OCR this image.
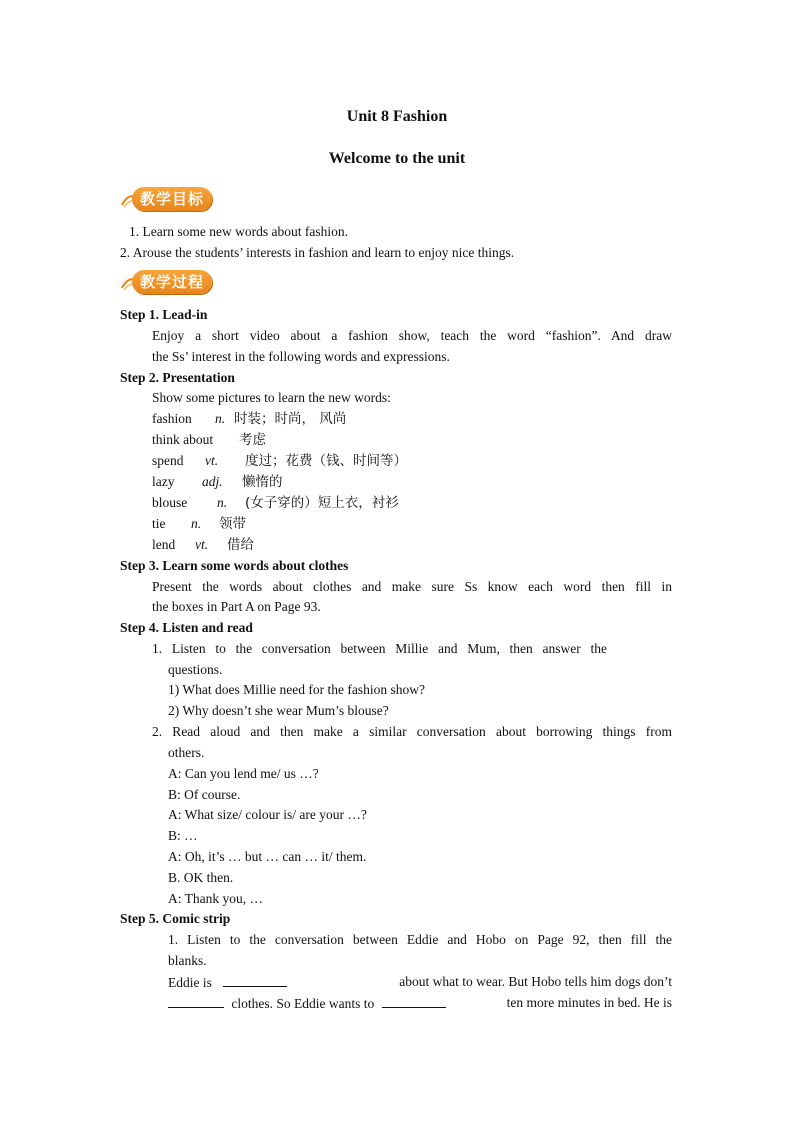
Unit 8 Fashion
Welcome to the unit
教学目标
1. Learn some new words about fashion.
2. Arouse the students’ interests in fashion and learn to enjoy nice things.
教学过程
Step 1. Lead-in
Enjoy a short video about a fashion show, teach the word “fashion”. And draw
the Ss’ interest in the following words and expressions.
Step 2. Presentation
Show some pictures to learn the new words:
fashion n. 时装；时尚， 风尚
think about 考虑
spend vt. 度过；花费（钱、时间等）
lazy adj. 懒惰的
blouse n. (女子穿的）短上衣，衬衫
tie n. 领带
lend vt. 借给
Step 3. Learn some words about clothes
Present the words about clothes and make sure Ss know each word then fill in
the boxes in Part A on Page 93.
Step 4. Listen and read
1. Listen to the conversation between Millie and Mum, then answer the
questions.
1) What does Millie need for the fashion show?
2) Why doesn’t she wear Mum’s blouse?
2. Read aloud and then make a similar conversation about borrowing things from
others.
A: Can you lend me/ us …?
B: Of course.
A: What size/ colour is/ are your …?
B: …
A: Oh, it’s … but … can … it/ them.
B. OK then.
A: Thank you, …
Step 5. Comic strip
1. Listen to the conversation between Eddie and Hobo on Page 92, then fill the
blanks.
Eddie is	about what to wear. But Hobo tells him dogs don’t
clothes. So Eddie wants to	ten more minutes in bed. He is
